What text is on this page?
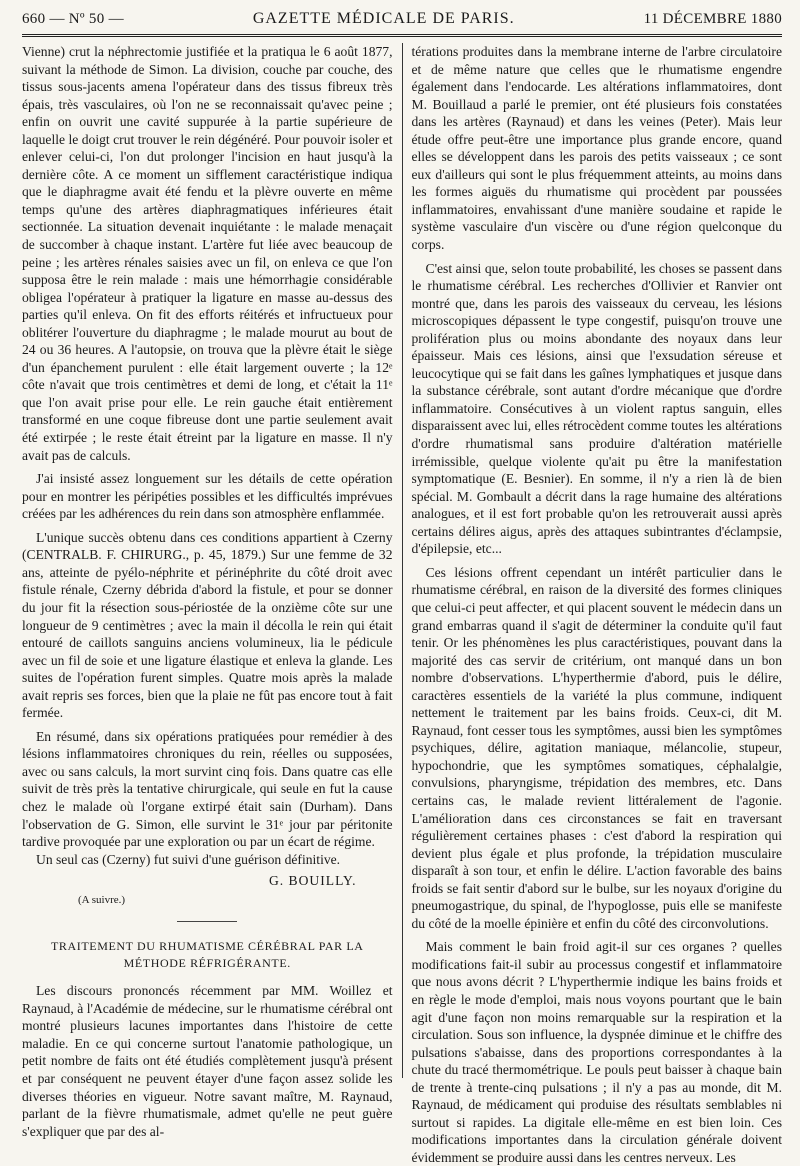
660 — Nº 50 —	GAZETTE MÉDICALE DE PARIS.	11 DÉCEMBRE 1880

Vienne) crut la néphrectomie justifiée et la pratiqua le 6 août 1877, suivant la méthode de Simon. La division, couche par couche, des tissus sous-jacents amena l'opérateur dans des tissus fibreux très épais, très vasculaires, où l'on ne se reconnaissait qu'avec peine ; enfin on ouvrit une cavité suppurée à la partie supérieure de laquelle le doigt crut trouver le rein dégénéré. Pour pouvoir isoler et enlever celui-ci, l'on dut prolonger l'incision en haut jusqu'à la dernière côte. A ce moment un sifflement caractéristique indiqua que le diaphragme avait été fendu et la plèvre ouverte en même temps qu'une des artères diaphragmatiques inférieures était sectionnée. La situation devenait inquiétante : le malade menaçait de succomber à chaque instant. L'artère fut liée avec beaucoup de peine ; les artères rénales saisies avec un fil, on enleva ce que l'on supposa être le rein malade : mais une hémorrhagie considérable obligea l'opérateur à pratiquer la ligature en masse au-dessus des parties qu'il enleva. On fit des efforts réitérés et infructueux pour oblitérer l'ouverture du diaphragme ; le malade mourut au bout de 24 ou 36 heures. A l'autopsie, on trouva que la plèvre était le siège d'un épanchement purulent : elle était largement ouverte ; la 12ᵉ côte n'avait que trois centimètres et demi de long, et c'était la 11ᵉ que l'on avait prise pour elle. Le rein gauche était entièrement transformé en une coque fibreuse dont une partie seulement avait été extirpée ; le reste était étreint par la ligature en masse. Il n'y avait pas de calculs.

J'ai insisté assez longuement sur les détails de cette opération pour en montrer les péripéties possibles et les difficultés imprévues créées par les adhérences du rein dans son atmosphère enflammée.

L'unique succès obtenu dans ces conditions appartient à Czerny (CENTRALB. F. CHIRURG., p. 45, 1879.) Sur une femme de 32 ans, atteinte de pyélo-néphrite et périnéphrite du côté droit avec fistule rénale, Czerny débrida d'abord la fistule, et pour se donner du jour fit la résection sous-périostée de la onzième côte sur une longueur de 9 centimètres ; avec la main il décolla le rein qui était entouré de caillots sanguins anciens volumineux, lia le pédicule avec un fil de soie et une ligature élastique et enleva la glande. Les suites de l'opération furent simples. Quatre mois après la malade avait repris ses forces, bien que la plaie ne fût pas encore tout à fait fermée.

En résumé, dans six opérations pratiquées pour remédier à des lésions inflammatoires chroniques du rein, réelles ou supposées, avec ou sans calculs, la mort survint cinq fois. Dans quatre cas elle suivit de très près la tentative chirurgicale, qui seule en fut la cause chez le malade où l'organe extirpé était sain (Durham). Dans l'observation de G. Simon, elle survint le 31ᵉ jour par péritonite tardive provoquée par une exploration ou par un écart de régime.

Un seul cas (Czerny) fut suivi d'une guérison définitive.

G. BOUILLY.
(A suivre.)
TRAITEMENT DU RHUMATISME CÉRÉBRAL PAR LA MÉTHODE RÉFRIGÉRANTE.

Les discours prononcés récemment par MM. Woillez et Raynaud, à l'Académie de médecine, sur le rhumatisme cérébral ont montré plusieurs lacunes importantes dans l'histoire de cette maladie. En ce qui concerne surtout l'anatomie pathologique, un petit nombre de faits ont été étudiés complètement jusqu'à présent et par conséquent ne peuvent étayer d'une façon assez solide les diverses théories en vigueur. Notre savant maître, M. Raynaud, parlant de la fièvre rhumatismale, admet qu'elle ne peut guère s'expliquer que par des al-

térations produites dans la membrane interne de l'arbre circulatoire et de même nature que celles que le rhumatisme engendre également dans l'endocarde. Les altérations inflammatoires, dont M. Bouillaud a parlé le premier, ont été plusieurs fois constatées dans les artères (Raynaud) et dans les veines (Peter). Mais leur étude offre peut-être une importance plus grande encore, quand elles se développent dans les parois des petits vaisseaux ; ce sont eux d'ailleurs qui sont le plus fréquemment atteints, au moins dans les formes aiguës du rhumatisme qui procèdent par poussées inflammatoires, envahissant d'une manière soudaine et rapide le système vasculaire d'un viscère ou d'une région quelconque du corps.

C'est ainsi que, selon toute probabilité, les choses se passent dans le rhumatisme cérébral. Les recherches d'Ollivier et Ranvier ont montré que, dans les parois des vaisseaux du cerveau, les lésions microscopiques dépassent le type congestif, puisqu'on trouve une prolifération plus ou moins abondante des noyaux dans leur épaisseur. Mais ces lésions, ainsi que l'exsudation séreuse et leucocytique qui se fait dans les gaînes lymphatiques et jusque dans la substance cérébrale, sont autant d'ordre mécanique que d'ordre inflammatoire. Consécutives à un violent raptus sanguin, elles disparaissent avec lui, elles rétrocèdent comme toutes les altérations d'ordre rhumatismal sans produire d'altération matérielle irrémissible, quelque violente qu'ait pu être la manifestation symptomatique (E. Besnier). En somme, il n'y a rien là de bien spécial. M. Gombault a décrit dans la rage humaine des altérations analogues, et il est fort probable qu'on les retrouverait aussi après certains délires aigus, après des attaques subintrantes d'éclampsie, d'épilepsie, etc...

Ces lésions offrent cependant un intérêt particulier dans le rhumatisme cérébral, en raison de la diversité des formes cliniques que celui-ci peut affecter, et qui placent souvent le médecin dans un grand embarras quand il s'agit de déterminer la conduite qu'il faut tenir. Or les phénomènes les plus caractéristiques, pouvant dans la majorité des cas servir de critérium, ont manqué dans un bon nombre d'observations. L'hyperthermie d'abord, puis le délire, caractères essentiels de la variété la plus commune, indiquent nettement le traitement par les bains froids. Ceux-ci, dit M. Raynaud, font cesser tous les symptômes, aussi bien les symptômes psychiques, délire, agitation maniaque, mélancolie, stupeur, hypochondrie, que les symptômes somatiques, céphalalgie, convulsions, pharyngisme, trépidation des membres, etc. Dans certains cas, le malade revient littéralement de l'agonie. L'amélioration dans ces circonstances se fait en traversant régulièrement certaines phases : c'est d'abord la respiration qui devient plus égale et plus profonde, la trépidation musculaire disparaît à son tour, et enfin le délire. L'action favorable des bains froids se fait sentir d'abord sur le bulbe, sur les noyaux d'origine du pneumogastrique, du spinal, de l'hypoglosse, puis elle se manifeste du côté de la moelle épinière et enfin du côté des circonvolutions.

Mais comment le bain froid agit-il sur ces organes ? quelles modifications fait-il subir au processus congestif et inflammatoire que nous avons décrit ? L'hyperthermie indique les bains froids et en règle le mode d'emploi, mais nous voyons pourtant que le bain agit d'une façon non moins remarquable sur la respiration et la circulation. Sous son influence, la dyspnée diminue et le chiffre des pulsations s'abaisse, dans des proportions correspondantes à la chute du tracé thermométrique. Le pouls peut baisser à chaque bain de trente à trente-cinq pulsations ; il n'y a pas au monde, dit M. Raynaud, de médicament qui produise des résultats semblables ni surtout si rapides. La digitale elle-même en est bien loin. Ces modifications importantes dans la circulation générale doivent évidemment se produire aussi dans les centres nerveux. Les
